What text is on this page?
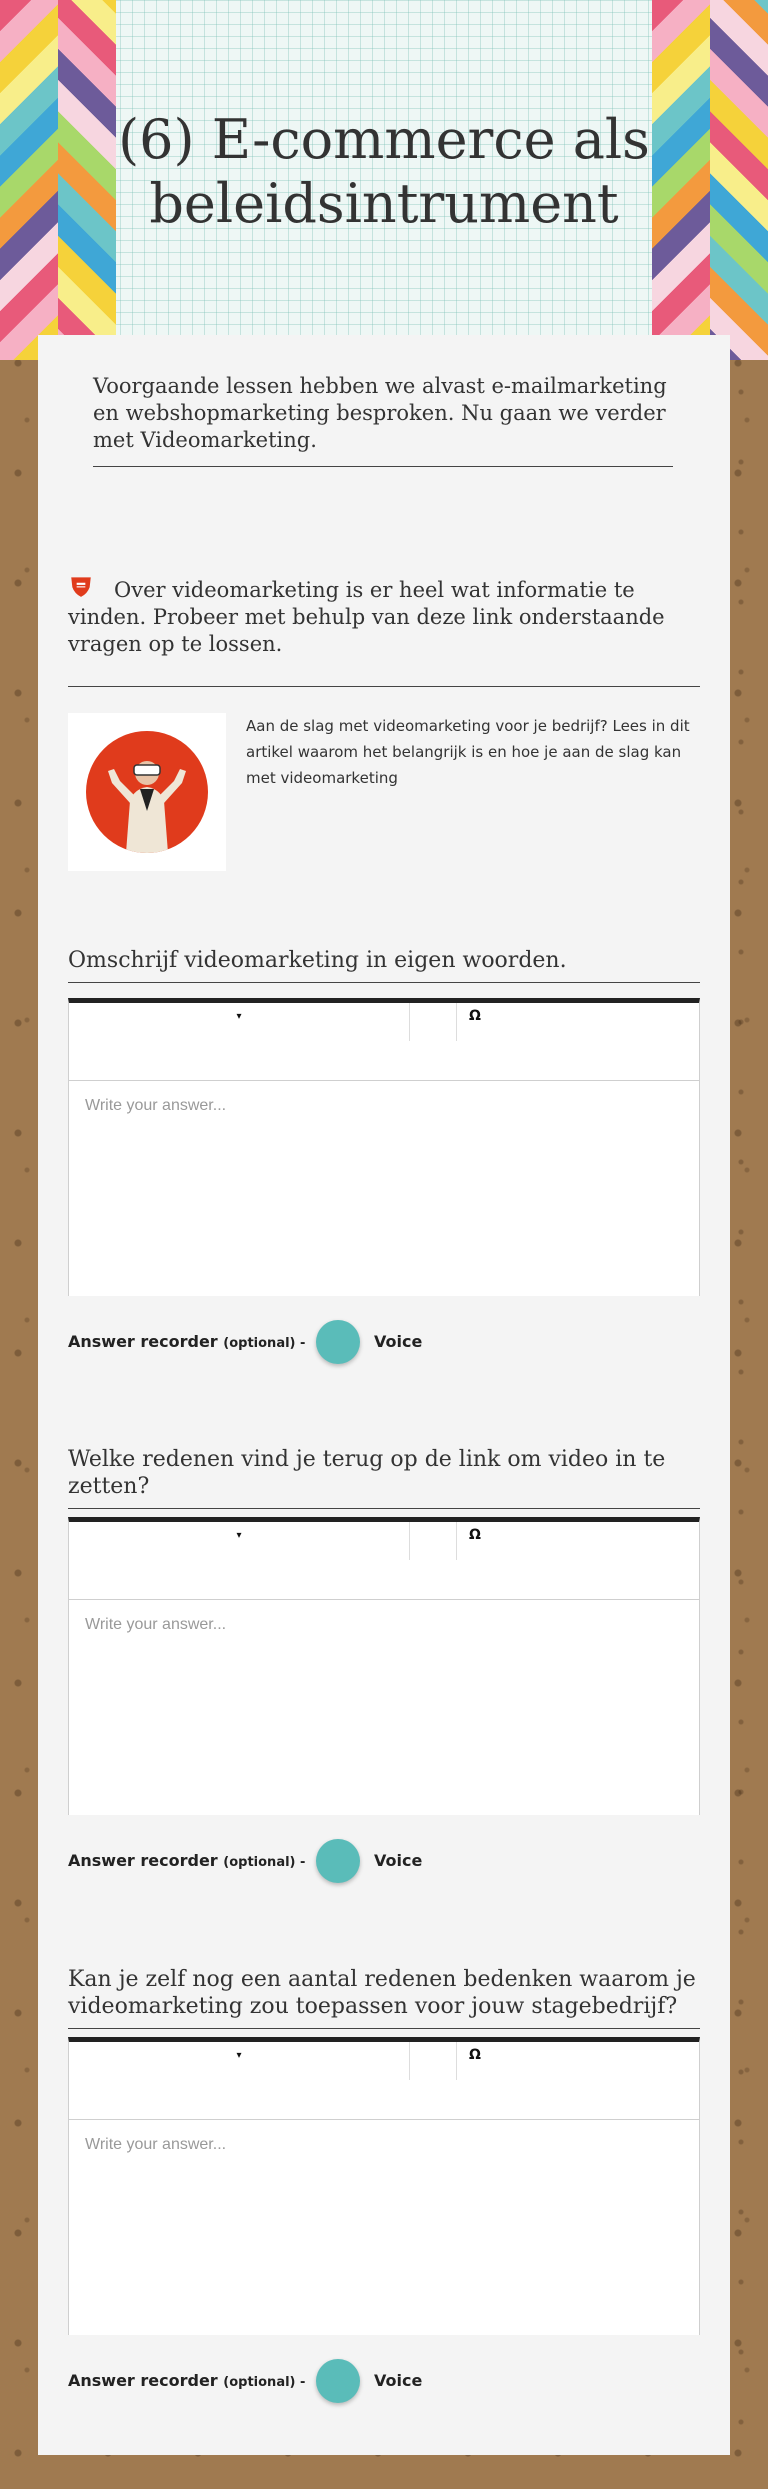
(6) E-commerce als beleidsintrument
Voorgaande lessen hebben we alvast e-mailmarketing en webshopmarketing besproken. Nu gaan we verder met Videomarketing.
Over videomarketing is er heel wat informatie te vinden. Probeer met behulp van deze link onderstaande vragen op te lossen.
Aan de slag met videomarketing voor je bedrijf? Lees in dit artikel waarom het belangrijk is en hoe je aan de slag kan met videomarketing
Omschrijf videomarketing in eigen woorden.
▾	Ω
Write your answer...
Answer recorder (optional) -	Voice
Welke redenen vind je terug op de link om video in te zetten?
▾	Ω
Write your answer...
Answer recorder (optional) -	Voice
Kan je zelf nog een aantal redenen bedenken waarom je videomarketing zou toepassen voor jouw stagebedrijf?
▾	Ω
Write your answer...
Answer recorder (optional) -	Voice
